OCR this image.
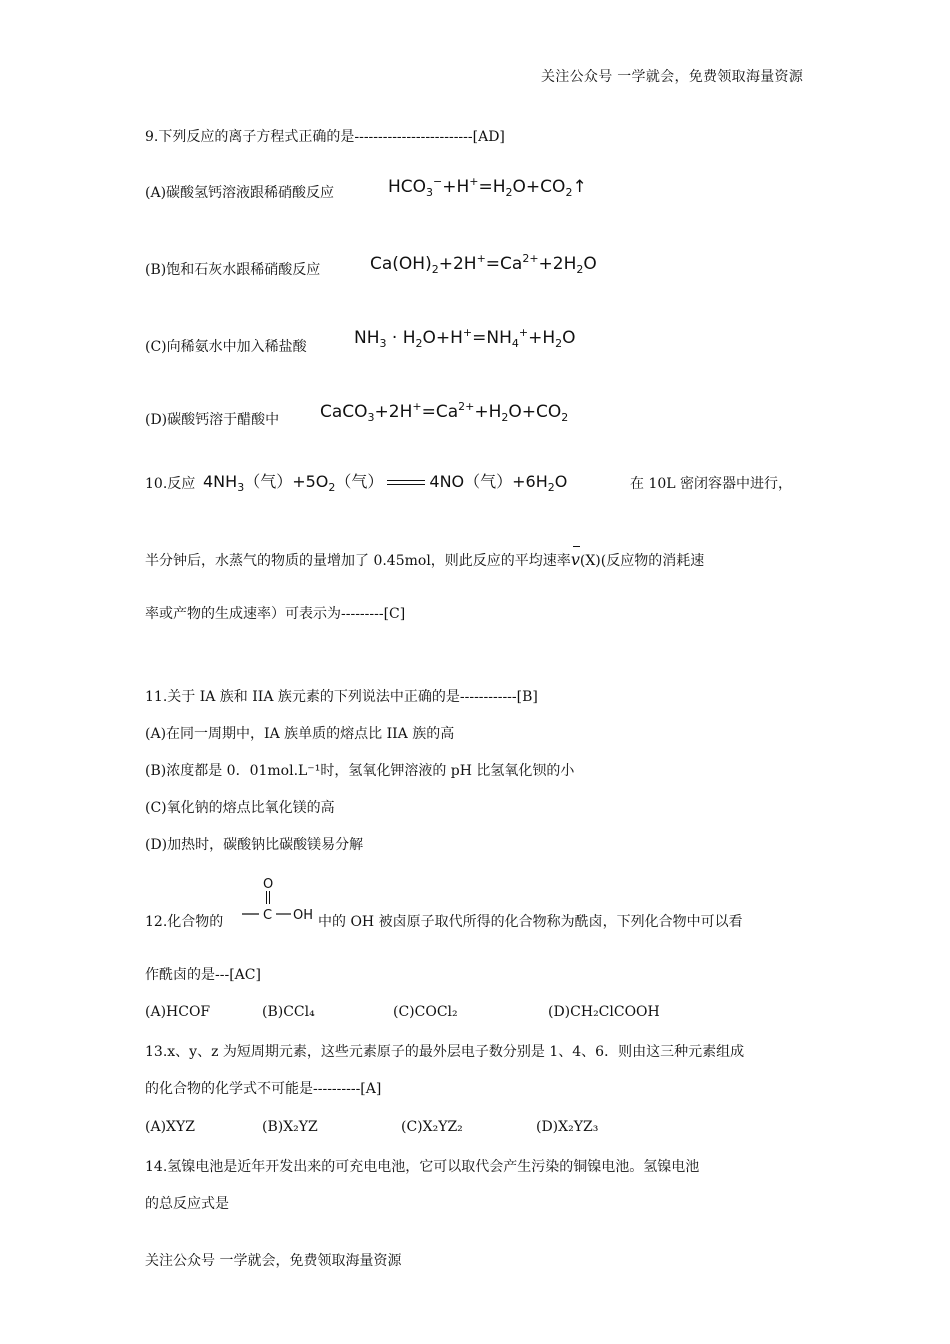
关注公众号 一学就会，免费领取海量资源
9.下列反应的离子方程式正确的是-------------------------[AD]
(A)碳酸氢钙溶液跟稀硝酸反应	$HCO_3^-+H^+=H_2O+CO_2↑$
(B)饱和石灰水跟稀硝酸反应	$Ca(OH)_2+2H^+=Ca^{2+}+2H_2O$
(C)向稀氨水中加入稀盐酸	$NH_3 \cdot H_2O+H^+=NH_4^++H_2O$
(D)碳酸钙溶于醋酸中 $CaCO_3+2H^+=Ca^{2+}+H_2O+CO_2$
10.反应 $4NH_3$（气）$+5O_2$（气）	4NO（气）$+6H_2O$	在 10L 密闭容器中进行，
半分钟后，水蒸气的物质的量增加了 0.45mol，则此反应的平均速率v(X)(反应物的消耗速
率或产物的生成速率）可表示为---------[C]
11.关于 IA 族和 IIA 族元素的下列说法中正确的是------------[B]
(A)在同一周期中，IA 族单质的熔点比 IIA 族的高
(B)浓度都是 0．01mol.L⁻¹时，氢氧化钾溶液的 pH 比氢氧化钡的小
(C)氧化钠的熔点比氧化镁的高
(D)加热时，碳酸钠比碳酸镁易分解
12.化合物的
O
C OH 中的 OH 被卤原子取代所得的化合物称为酰卤，下列化合物中可以看
作酰卤的是---[AC]
(A)HCOF	(B)CCl₄	(C)COCl₂	(D)CH₂ClCOOH
13.x、y、z 为短周期元素，这些元素原子的最外层电子数分别是 1、4、6．则由这三种元素组成
的化合物的化学式不可能是----------[A]
(A)XYZ	(B)X₂YZ	(C)X₂YZ₂	(D)X₂YZ₃
14.氢镍电池是近年开发出来的可充电电池，它可以取代会产生污染的铜镍电池。氢镍电池
的总反应式是
关注公众号 一学就会，免费领取海量资源
